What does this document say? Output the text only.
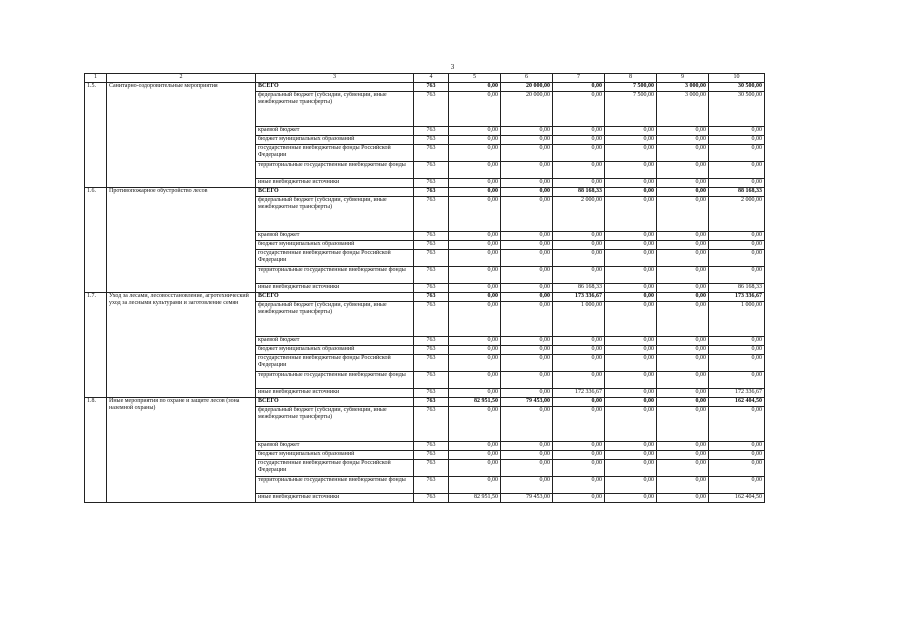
3
1	2	3	4	5	6	7	8	9	10
1.5.	Санитарно-оздоровительные мероприятия	ВСЕГО	763	0,00	20 000,00	0,00	7 500,00	3 000,00	30 500,00
		федеральный бюджет (субсидии, субвенции, иные межбюджетные трансферты)	763	0,00	20 000,00	0,00	7 500,00	3 000,00	30 500,00
		краевой бюджет	763	0,00	0,00	0,00	0,00	0,00	0,00
		бюджет муниципальных образований	763	0,00	0,00	0,00	0,00	0,00	0,00
		государственные внебюджетные фонды Российской Федерации	763	0,00	0,00	0,00	0,00	0,00	0,00
		территориальные государственные внебюджетные фонды	763	0,00	0,00	0,00	0,00	0,00	0,00
		иные внебюджетные источники	763	0,00	0,00	0,00	0,00	0,00	0,00
1.6.	Противопожарное обустройство лесов	ВСЕГО	763	0,00	0,00	88 168,33	0,00	0,00	88 168,33
		федеральный бюджет (субсидии, субвенции, иные межбюджетные трансферты)	763	0,00	0,00	2 000,00	0,00	0,00	2 000,00
		краевой бюджет	763	0,00	0,00	0,00	0,00	0,00	0,00
		бюджет муниципальных образований	763	0,00	0,00	0,00	0,00	0,00	0,00
		государственные внебюджетные фонды Российской Федерации	763	0,00	0,00	0,00	0,00	0,00	0,00
		территориальные государственные внебюджетные фонды	763	0,00	0,00	0,00	0,00	0,00	0,00
		иные внебюджетные источники	763	0,00	0,00	86 168,33	0,00	0,00	86 168,33
1.7.	Уход за лесами, лесовосстановление, агротехнический уход за лесными культурами и заготовление семян	ВСЕГО	763	0,00	0,00	173 336,67	0,00	0,00	173 336,67
		федеральный бюджет (субсидии, субвенции, иные межбюджетные трансферты)	763	0,00	0,00	1 000,00	0,00	0,00	1 000,00
		краевой бюджет	763	0,00	0,00	0,00	0,00	0,00	0,00
		бюджет муниципальных образований	763	0,00	0,00	0,00	0,00	0,00	0,00
		государственные внебюджетные фонды Российской Федерации	763	0,00	0,00	0,00	0,00	0,00	0,00
		территориальные государственные внебюджетные фонды	763	0,00	0,00	0,00	0,00	0,00	0,00
		иные внебюджетные источники	763	0,00	0,00	172 336,67	0,00	0,00	172 336,67
1.8.	Иные мероприятия по охране и защите лесов (зона наземной охраны)	ВСЕГО	763	82 951,50	79 453,00	0,00	0,00	0,00	162 404,50
		федеральный бюджет (субсидии, субвенции, иные межбюджетные трансферты)	763	0,00	0,00	0,00	0,00	0,00	0,00
		краевой бюджет	763	0,00	0,00	0,00	0,00	0,00	0,00
		бюджет муниципальных образований	763	0,00	0,00	0,00	0,00	0,00	0,00
		государственные внебюджетные фонды Российской Федерации	763	0,00	0,00	0,00	0,00	0,00	0,00
		территориальные государственные внебюджетные фонды	763	0,00	0,00	0,00	0,00	0,00	0,00
		иные внебюджетные источники	763	82 951,50	79 453,00	0,00	0,00	0,00	162 404,50
